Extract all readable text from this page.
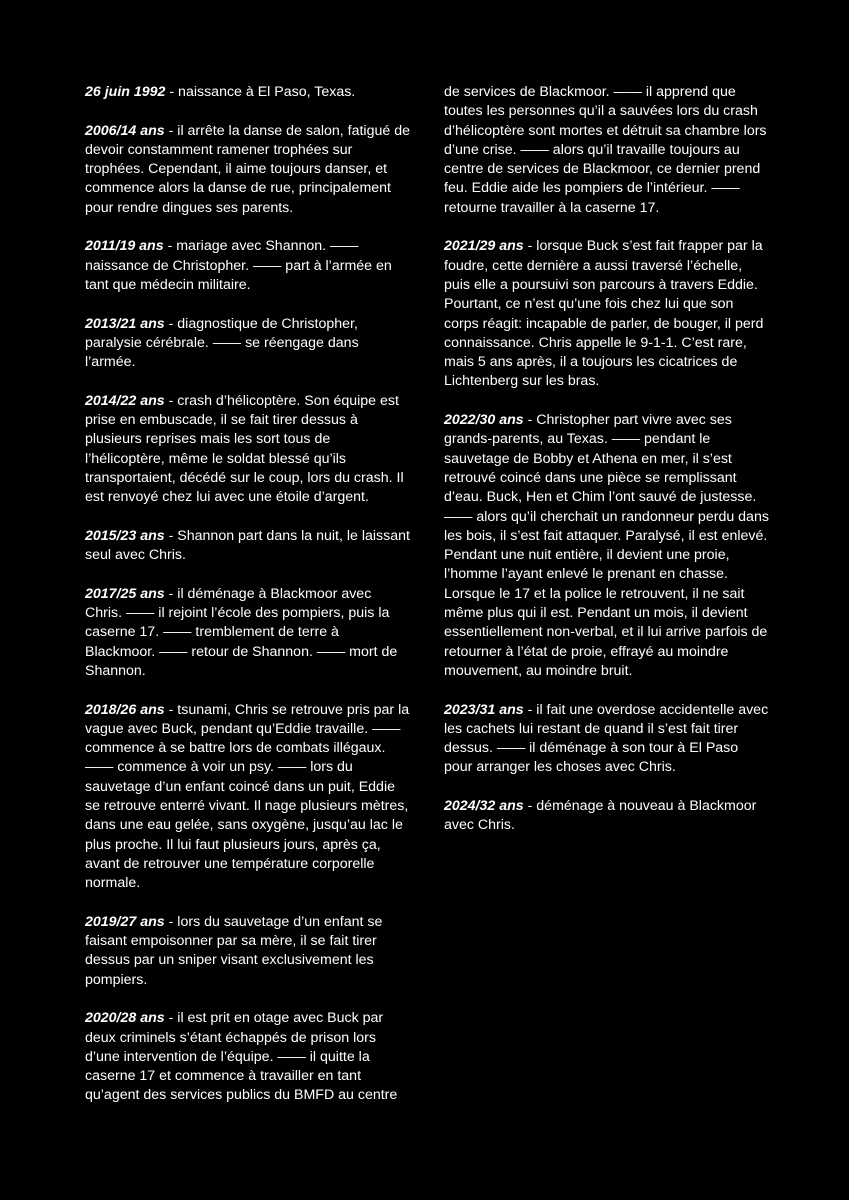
26 juin 1992 - naissance à El Paso, Texas.

2006/14 ans - il arrête la danse de salon, fatigué de devoir constamment ramener trophées sur trophées. Cependant, il aime toujours danser, et commence alors la danse de rue, principalement pour rendre dingues ses parents.

2011/19 ans - mariage avec Shannon. —— naissance de Christopher. —— part à l’armée en tant que médecin militaire.

2013/21 ans - diagnostique de Christopher, paralysie cérébrale. —— se réengage dans l’armée.

2014/22 ans - crash d’hélicoptère. Son équipe est prise en embuscade, il se fait tirer dessus à plusieurs reprises mais les sort tous de l’hélicoptère, même le soldat blessé qu’ils transportaient, décédé sur le coup, lors du crash. Il est renvoyé chez lui avec une étoile d’argent.

2015/23 ans - Shannon part dans la nuit, le laissant seul avec Chris.

2017/25 ans - il déménage à Blackmoor avec Chris. —— il rejoint l’école des pompiers, puis la caserne 17. —— tremblement de terre à Blackmoor. —— retour de Shannon. —— mort de Shannon.

2018/26 ans - tsunami, Chris se retrouve pris par la vague avec Buck, pendant qu’Eddie travaille. —— commence à se battre lors de combats illégaux. —— commence à voir un psy. —— lors du sauvetage d’un enfant coincé dans un puit, Eddie se retrouve enterré vivant. Il nage plusieurs mètres, dans une eau gelée, sans oxygène, jusqu’au lac le plus proche. Il lui faut plusieurs jours, après ça, avant de retrouver une température corporelle normale.

2019/27 ans - lors du sauvetage d’un enfant se faisant empoisonner par sa mère, il se fait tirer dessus par un sniper visant exclusivement les pompiers.

2020/28 ans - il est prit en otage avec Buck par deux criminels s’étant échappés de prison lors d’une intervention de l’équipe. —— il quitte la caserne 17 et commence à travailler en tant qu’agent des services publics du BMFD au centre

de services de Blackmoor. —— il apprend que toutes les personnes qu’il a sauvées lors du crash d’hélicoptère sont mortes et détruit sa chambre lors d’une crise. —— alors qu’il travaille toujours au centre de services de Blackmoor, ce dernier prend feu. Eddie aide les pompiers de l’intérieur. —— retourne travailler à la caserne 17.

2021/29 ans - lorsque Buck s’est fait frapper par la foudre, cette dernière a aussi traversé l’échelle, puis elle a poursuivi son parcours à travers Eddie. Pourtant, ce n’est qu’une fois chez lui que son corps réagit: incapable de parler, de bouger, il perd connaissance. Chris appelle le 9-1-1. C’est rare, mais 5 ans après, il a toujours les cicatrices de Lichtenberg sur les bras.

2022/30 ans - Christopher part vivre avec ses grands-parents, au Texas. —— pendant le sauvetage de Bobby et Athena en mer, il s’est retrouvé coincé dans une pièce se remplissant d’eau. Buck, Hen et Chim l’ont sauvé de justesse. —— alors qu’il cherchait un randonneur perdu dans les bois, il s’est fait attaquer. Paralysé, il est enlevé. Pendant une nuit entière, il devient une proie, l’homme l’ayant enlevé le prenant en chasse. Lorsque le 17 et la police le retrouvent, il ne sait même plus qui il est. Pendant un mois, il devient essentiellement non-verbal, et il lui arrive parfois de retourner à l’état de proie, effrayé au moindre mouvement, au moindre bruit.

2023/31 ans - il fait une overdose accidentelle avec les cachets lui restant de quand il s’est fait tirer dessus. —— il déménage à son tour à El Paso pour arranger les choses avec Chris.

2024/32 ans - déménage à nouveau à Blackmoor avec Chris.
